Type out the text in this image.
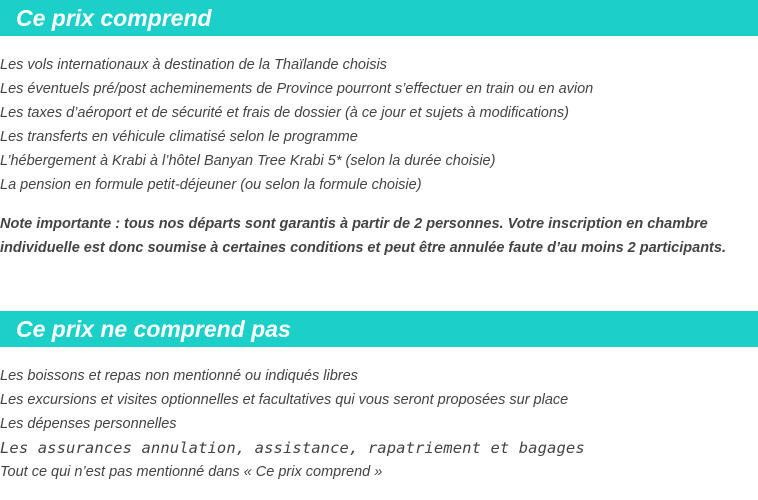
Ce prix comprend
Les vols internationaux à destination de la Thaïlande choisis
Les éventuels pré/post acheminements de Province pourront s’effectuer en train ou en avion
Les taxes d’aéroport et de sécurité et frais de dossier (à ce jour et sujets à modifications)
Les transferts en véhicule climatisé selon le programme
L’hébergement à Krabi à l’hôtel Banyan Tree Krabi 5* (selon la durée choisie)
La pension en formule petit-déjeuner (ou selon la formule choisie)

Note importante : tous nos départs sont garantis à partir de 2 personnes. Votre inscription en chambre individuelle est donc soumise à certaines conditions et peut être annulée faute d’au moins 2 participants.

Ce prix ne comprend pas
Les boissons et repas non mentionné ou indiqués libres
Les excursions et visites optionnelles et facultatives qui vous seront proposées sur place
Les dépenses personnelles
Les assurances annulation, assistance, rapatriement et bagages
Tout ce qui n’est pas mentionné dans « Ce prix comprend »
